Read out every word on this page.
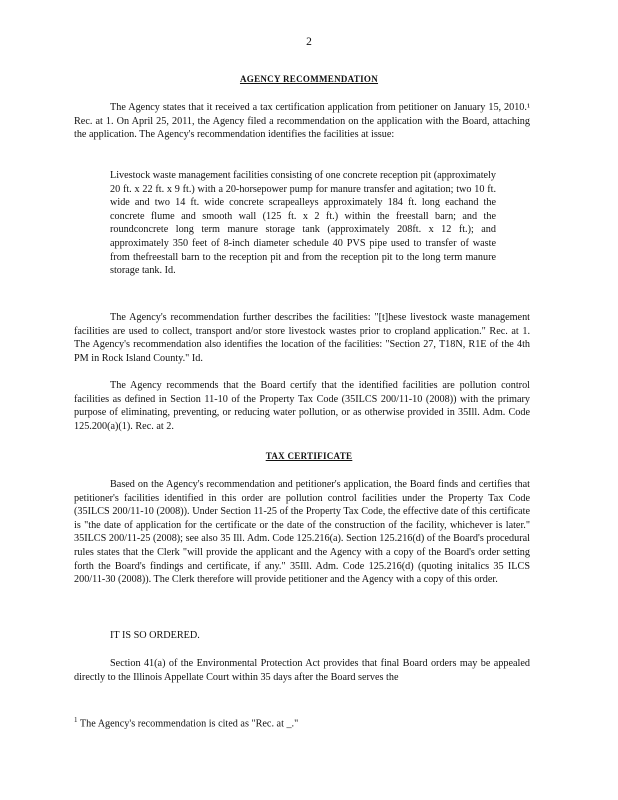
2
AGENCY RECOMMENDATION

The Agency states that it received a tax certification application from petitioner on January 15, 2010.¹ Rec. at 1. On April 25, 2011, the Agency filed a recommendation on the application with the Board, attaching the application. The Agency's recommendation identifies the facilities at issue:

Livestock waste management facilities consisting of one concrete reception pit (approximately 20 ft. x 22 ft. x 9 ft.) with a 20-horsepower pump for manure transfer and agitation; two 10 ft. wide and two 14 ft. wide concrete scrapealleys approximately 184 ft. long eachand the concrete flume and smooth wall (125 ft. x 2 ft.) within the freestall barn; and the roundconcrete long term manure storage tank (approximately 208ft. x 12 ft.); and approximately 350 feet of 8-inch diameter schedule 40 PVS pipe used to transfer of waste from thefreestall barn to the reception pit and from the reception pit to the long term manure storage tank. Id.

The Agency's recommendation further describes the facilities: "[t]hese livestock waste management facilities are used to collect, transport and/or store livestock wastes prior to cropland application." Rec. at 1. The Agency's recommendation also identifies the location of the facilities: "Section 27, T18N, R1E of the 4th PM in Rock Island County." Id.

The Agency recommends that the Board certify that the identified facilities are pollution control facilities as defined in Section 11-10 of the Property Tax Code (35ILCS 200/11-10 (2008)) with the primary purpose of eliminating, preventing, or reducing water pollution, or as otherwise provided in 35Ill. Adm. Code 125.200(a)(1). Rec. at 2.

TAX CERTIFICATE

Based on the Agency's recommendation and petitioner's application, the Board finds and certifies that petitioner's facilities identified in this order are pollution control facilities under the Property Tax Code (35ILCS 200/11-10 (2008)). Under Section 11-25 of the Property Tax Code, the effective date of this certificate is "the date of application for the certificate or the date of the construction of the facility, whichever is later." 35ILCS 200/11-25 (2008); see also 35 Ill. Adm. Code 125.216(a). Section 125.216(d) of the Board's procedural rules states that the Clerk "will provide the applicant and the Agency with a copy of the Board's order setting forth the Board's findings and certificate, if any." 35Ill. Adm. Code 125.216(d) (quoting initalics 35 ILCS 200/11-30 (2008)). The Clerk therefore will provide petitioner and the Agency with a copy of this order.

IT IS SO ORDERED.

Section 41(a) of the Environmental Protection Act provides that final Board orders may be appealed directly to the Illinois Appellate Court within 35 days after the Board serves the

$^1$ The Agency's recommendation is cited as "Rec. at _."
